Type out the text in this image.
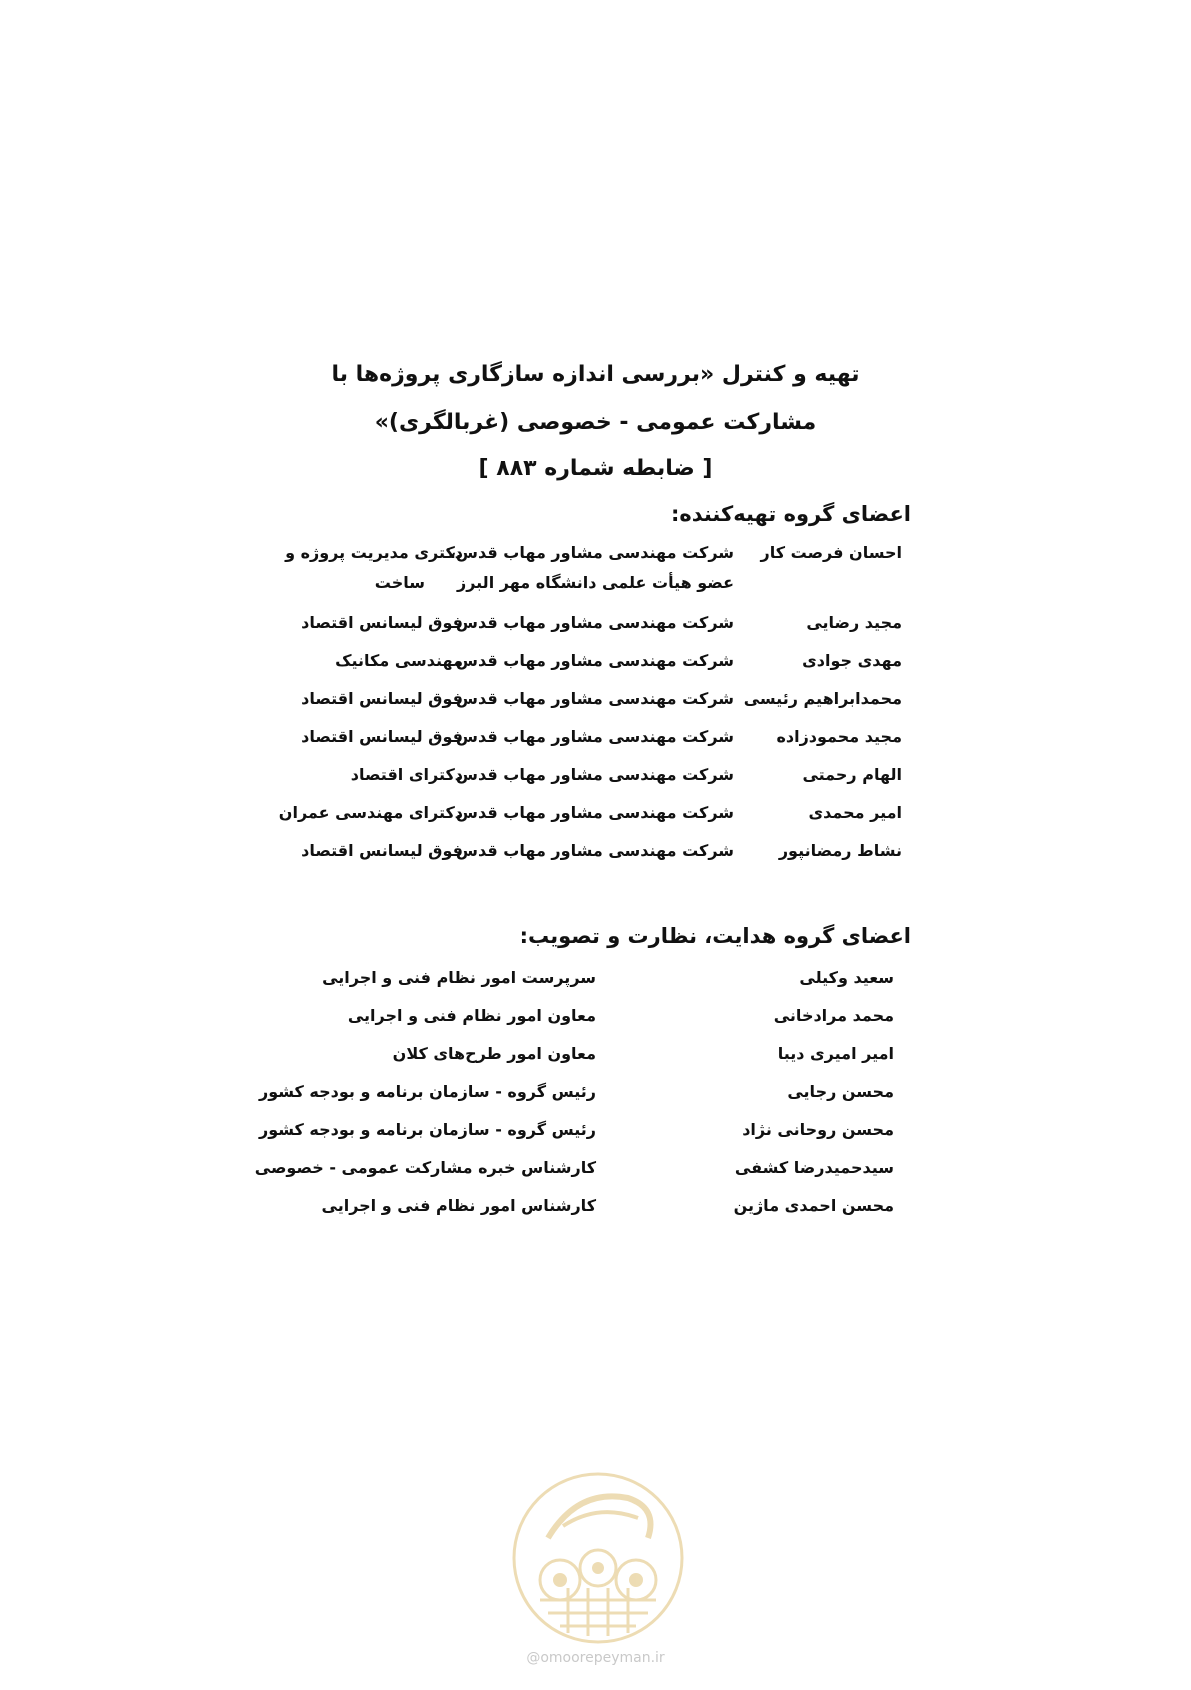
تهیه و کنترل «بررسی اندازه سازگاری پروژه‌ها با
مشارکت عمومی - خصوصی (غربالگری)»
[ ضابطه شماره ۸۸۳ ]
اعضای گروه تهیه‌کننده:
احسان فرصت کار
شرکت مهندسی مشاور مهاب قدس،
عضو هیأت علمی دانشگاه مهر البرز
دکتری مدیریت پروژه و
ساخت
مجید رضایی
شرکت مهندسی مشاور مهاب قدس
فوق لیسانس اقتصاد
مهدی جوادی
شرکت مهندسی مشاور مهاب قدس
مهندسی مکانیک
محمدابراهیم رئیسی
شرکت مهندسی مشاور مهاب قدس
فوق لیسانس اقتصاد
مجید محمودزاده
شرکت مهندسی مشاور مهاب قدس
فوق لیسانس اقتصاد
الهام رحمتی
شرکت مهندسی مشاور مهاب قدس
دکترای اقتصاد
امیر محمدی
شرکت مهندسی مشاور مهاب قدس
دکترای مهندسی عمران
نشاط رمضانپور
شرکت مهندسی مشاور مهاب قدس
فوق لیسانس اقتصاد
اعضای گروه هدایت، نظارت و تصویب:
سعید وکیلی
سرپرست امور نظام فنی و اجرایی
محمد مرادخانی
معاون امور نظام فنی و اجرایی
امیر امیری دیبا
معاون امور طرح‌های کلان
محسن رجایی
رئیس گروه - سازمان برنامه و بودجه کشور
محسن روحانی نژاد
رئیس گروه - سازمان برنامه و بودجه کشور
سیدحمیدرضا کشفی
کارشناس خبره مشارکت عمومی - خصوصی
محسن احمدی ماژین
کارشناس امور نظام فنی و اجرایی
@omoorepeyman.ir
